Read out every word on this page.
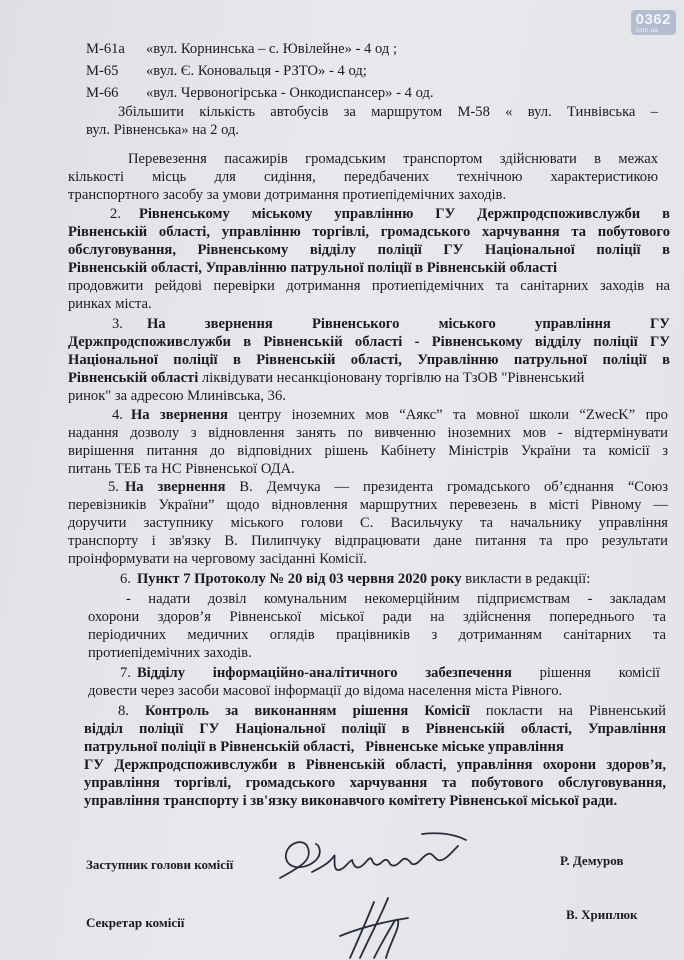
0362
com.ua
М-61а «вул. Корнинська – с. Ювілейне» - 4 од ;
М-65 «вул. Є. Коновальця - РЗТО» - 4 од;
М-66 «вул. Червоногірська - Онкодиспансер» - 4 од.
Збільшити кількість автобусів за маршрутом М-58 « вул. Тинвівська –
вул. Рівненська» на 2 од.
Перевезення пасажирів громадським транспортом здійснювати в межах
кількості місць для сидіння, передбачених технічною характеристикою
транспортного засобу за умови дотримання протиепідемічних заходів.
2. Рівненському міському управлінню ГУ Держпродспоживслужби в
Рівненській області, управлінню торгівлі, громадського харчування та побутового
обслуговування, Рівненському відділу поліції ГУ Національної поліції в
Рівненській області, Управлінню патрульної поліції в Рівненській області
продовжити рейдові перевірки дотримання протиепідемічних та санітарних заходів на
ринках міста.
3. На звернення Рівненського міського управління ГУ
Держпродспоживслужби в Рівненській області - Рівненському відділу поліції ГУ
Національної поліції в Рівненській області, Управлінню патрульної поліції в
Рівненській області ліквідувати несанкціоновану торгівлю на ТзОВ "Рівненський
ринок" за адресою Млинівська, 36.
4. На звернення центру іноземних мов “Аякс” та мовної школи “ZwecK” про
надання дозволу з відновлення занять по вивченню іноземних мов - відтермінувати
вирішення питання до відповідних рішень Кабінету Міністрів України та комісії з
питань ТЕБ та НС Рівненської ОДА.
5. На звернення В. Демчука — президента громадського об’єднання “Союз
перевізників України” щодо відновлення маршрутних перевезень в місті Рівному —
доручити заступнику міського голови С. Васильчуку та начальнику управління
транспорту і зв'язку В. Пилипчуку відпрацювати дане питання та про результати
проінформувати на черговому засіданні Комісії.
6. Пункт 7 Протоколу № 20 від 03 червня 2020 року викласти в редакції:
- надати дозвіл комунальним некомерційним підприємствам - закладам
охорони здоров’я Рівненської міської ради на здійснення попереднього та
періодичних медичних оглядів працівників з дотриманням санітарних та
протиепідемічних заходів.
7. Відділу інформаційно-аналітичного забезпечення рішення комісії
довести через засоби масової інформації до відома населення міста Рівного.
8. Контроль за виконанням рішення Комісії покласти на Рівненський
відділ поліції ГУ Національної поліції в Рівненській області, Управління
патрульної поліції в Рівненській області, Рівненське міське управління
ГУ Держпродспоживслужби в Рівненській області, управління охорони здоров’я,
управління торгівлі, громадського харчування та побутового обслуговування,
управління транспорту і зв'язку виконавчого комітету Рівненської міської ради.
Заступник голови комісії	Р. Демуров
Секретар комісії
В. Хриплюк
